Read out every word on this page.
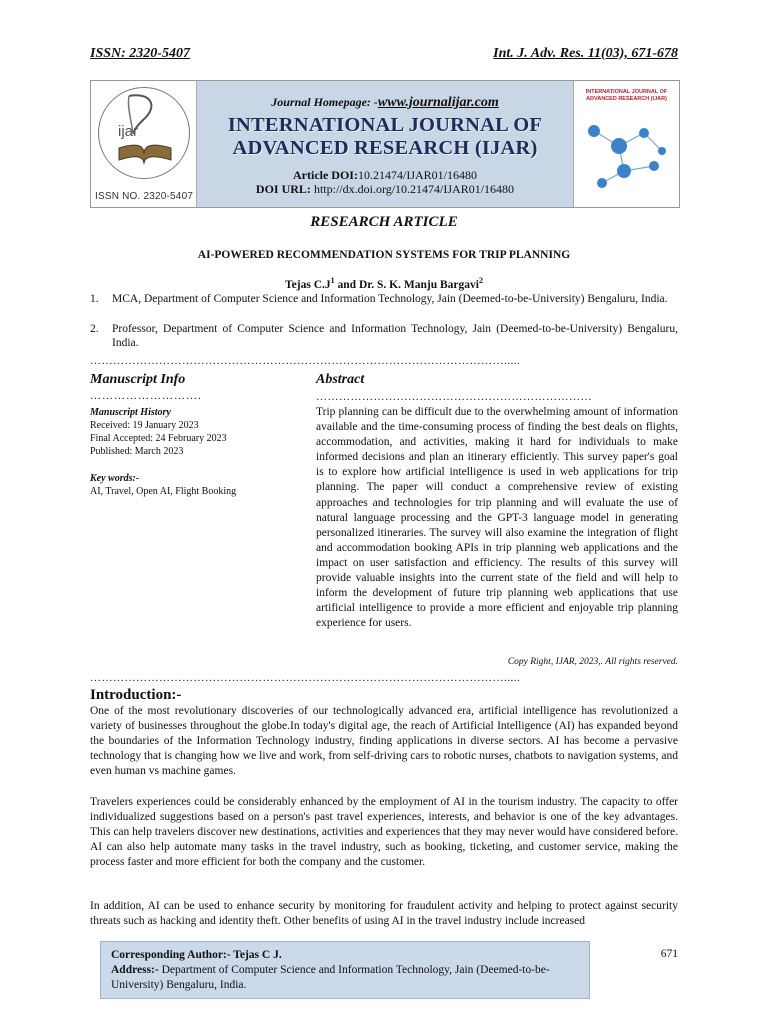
ISSN: 2320-5407	Int. J. Adv. Res. 11(03), 671-678
ijar
ISSN NO. 2320-5407
Journal Homepage: -www.journalijar.com
INTERNATIONAL JOURNAL OF
ADVANCED RESEARCH (IJAR)
Article DOI:10.21474/IJAR01/16480
DOI URL: http://dx.doi.org/10.21474/IJAR01/16480
INTERNATIONAL JOURNAL OF ADVANCED RESEARCH (IJAR)
RESEARCH ARTICLE
AI-POWERED RECOMMENDATION SYSTEMS FOR TRIP PLANNING
Tejas $C.J^1$ and Dr. S. K. Manju Bargavi$^2$
1. MCA, Department of Computer Science and Information Technology, Jain (Deemed-to-be-University) Bengaluru, India.
2. Professor, Department of Computer Science and Information Technology, Jain (Deemed-to-be-University) Bengaluru, India.
……………………………………………………………………………………………….....
Manuscript Info
……………………….
Manuscript History
Received: 19 January 2023
Final Accepted: 24 February 2023
Published: March 2023
Key words:-
AI, Travel, Open AI, Flight Booking
Abstract
………………………………………………………………
Trip planning can be difficult due to the overwhelming amount of information available and the time-consuming process of finding the best deals on flights, accommodation, and activities, making it hard for individuals to make informed decisions and plan an itinerary efficiently. This survey paper's goal is to explore how artificial intelligence is used in web applications for trip planning. The paper will conduct a comprehensive review of existing approaches and technologies for trip planning and will evaluate the use of natural language processing and the GPT-3 language model in generating personalized itineraries. The survey will also examine the integration of flight and accommodation booking APIs in trip planning web applications and the impact on user satisfaction and efficiency. The results of this survey will provide valuable insights into the current state of the field and will help to inform the development of future trip planning web applications that use artificial intelligence to provide a more efficient and enjoyable trip planning experience for users.
Copy Right, IJAR, 2023,. All rights reserved.
……………………………………………………………………………………………….....
Introduction:-
One of the most revolutionary discoveries of our technologically advanced era, artificial intelligence has revolutionized a variety of businesses throughout the globe.In today's digital age, the reach of Artificial Intelligence (AI) has expanded beyond the boundaries of the Information Technology industry, finding applications in diverse sectors. AI has become a pervasive technology that is changing how we live and work, from self-driving cars to robotic nurses, chatbots to navigation systems, and even human vs machine games.
Travelers experiences could be considerably enhanced by the employment of AI in the tourism industry. The capacity to offer individualized suggestions based on a person's past travel experiences, interests, and behavior is one of the key advantages. This can help travelers discover new destinations, activities and experiences that they may never would have considered before. AI can also help automate many tasks in the travel industry, such as booking, ticketing, and customer service, making the process faster and more efficient for both the company and the customer.
In addition, AI can be used to enhance security by monitoring for fraudulent activity and helping to protect against security threats such as hacking and identity theft. Other benefits of using AI in the travel industry include increased
Corresponding Author:- Tejas C J.
Address:- Department of Computer Science and Information Technology, Jain (Deemed-to-be- University) Bengaluru, India.
671
